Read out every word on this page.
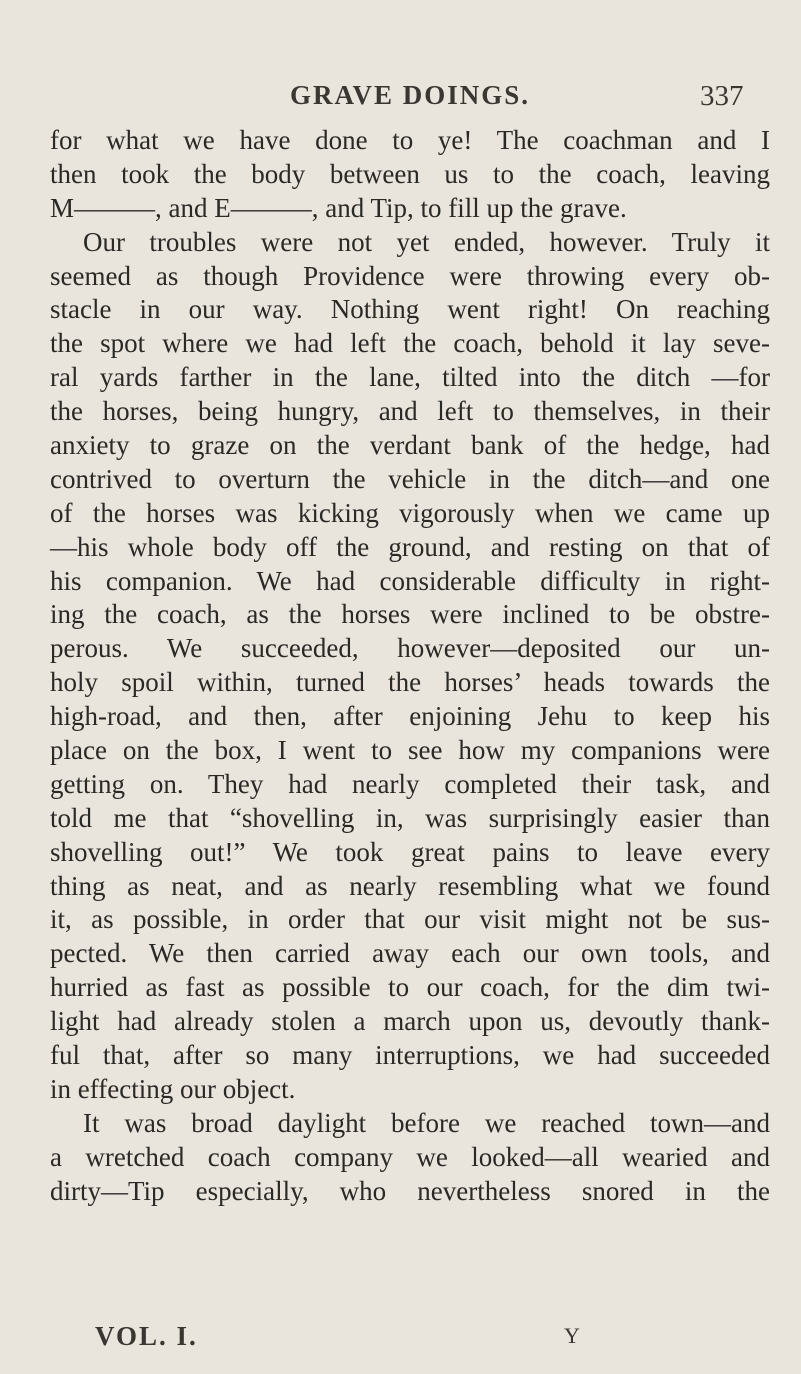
GRAVE DOINGS.	337
for what we have done to ye! The coachman and I
then took the body between us to the coach, leaving
M———, and E———, and Tip, to fill up the grave.
Our troubles were not yet ended, however. Truly it
seemed as though Providence were throwing every ob-
stacle in our way. Nothing went right! On reaching
the spot where we had left the coach, behold it lay seve-
ral yards farther in the lane, tilted into the ditch —for
the horses, being hungry, and left to themselves, in their
anxiety to graze on the verdant bank of the hedge, had
contrived to overturn the vehicle in the ditch—and one
of the horses was kicking vigorously when we came up
—his whole body off the ground, and resting on that of
his companion. We had considerable difficulty in right-
ing the coach, as the horses were inclined to be obstre-
perous. We succeeded, however—deposited our un-
holy spoil within, turned the horses’ heads towards the
high-road, and then, after enjoining Jehu to keep his
place on the box, I went to see how my companions were
getting on. They had nearly completed their task, and
told me that “shovelling in, was surprisingly easier than
shovelling out!” We took great pains to leave every
thing as neat, and as nearly resembling what we found
it, as possible, in order that our visit might not be sus-
pected. We then carried away each our own tools, and
hurried as fast as possible to our coach, for the dim twi-
light had already stolen a march upon us, devoutly thank-
ful that, after so many interruptions, we had succeeded
in effecting our object.
It was broad daylight before we reached town—and
a wretched coach company we looked—all wearied and
dirty—Tip especially, who nevertheless snored in the
VOL. I.	Y
